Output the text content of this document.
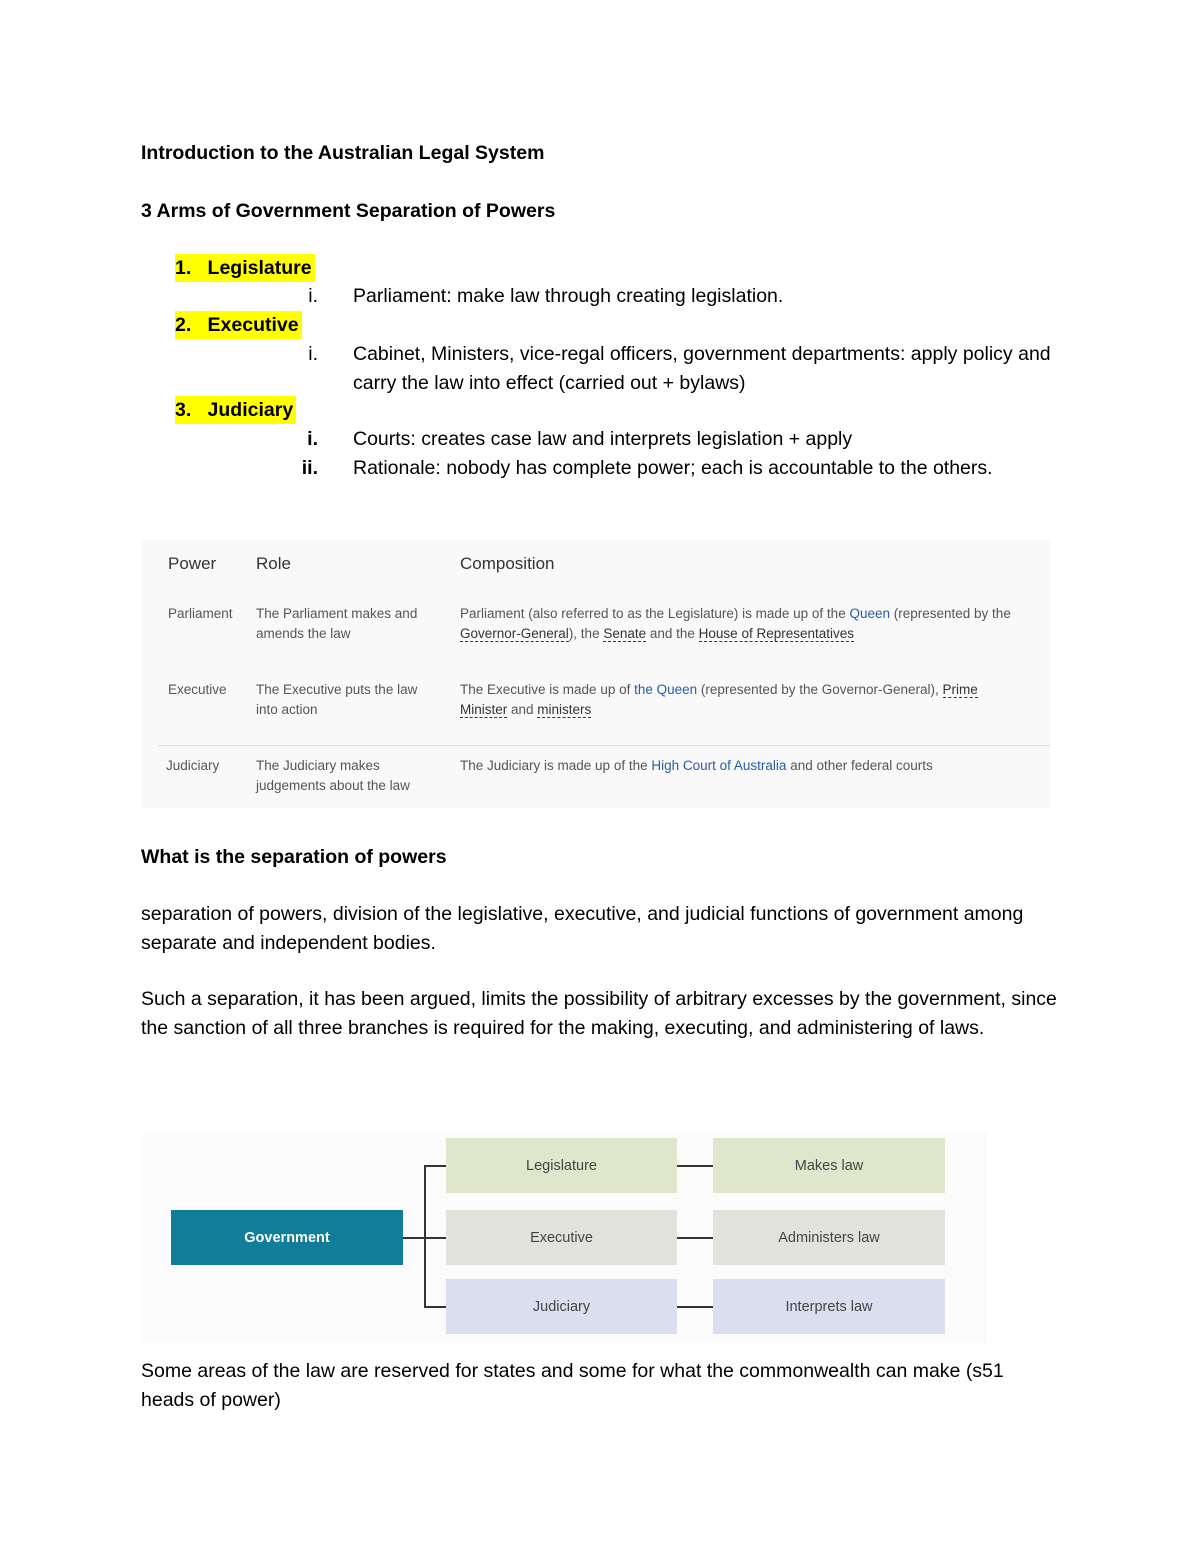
Introduction to the Australian Legal System
3 Arms of Government Separation of Powers
1. Legislature
i. Parliament: make law through creating legislation.
2. Executive
i. Cabinet, Ministers, vice-regal officers, government departments: apply policy and carry the law into effect (carried out + bylaws)
3. Judiciary
i. Courts: creates case law and interprets legislation + apply
ii. Rationale: nobody has complete power; each is accountable to the others.
Power Role	Composition
Parliament The Parliament makes and amends the law
Parliament (also referred to as the Legislature) is made up of the Queen (represented by the Governor-General), the Senate and the House of Representatives
Executive The Executive puts the law into action
The Executive is made up of the Queen (represented by the Governor-General), Prime Minister and ministers
Judiciary	The Judiciary makes judgements about the law
The Judiciary is made up of the High Court of Australia and other federal courts
What is the separation of powers
separation of powers, division of the legislative, executive, and judicial functions of government among separate and independent bodies.
Such a separation, it has been argued, limits the possibility of arbitrary excesses by the government, since the sanction of all three branches is required for the making, executing, and administering of laws.
Government
Legislature
Executive
Judiciary
Makes law
Administers law
Interprets law
Some areas of the law are reserved for states and some for what the commonwealth can make (s51 heads of power)
